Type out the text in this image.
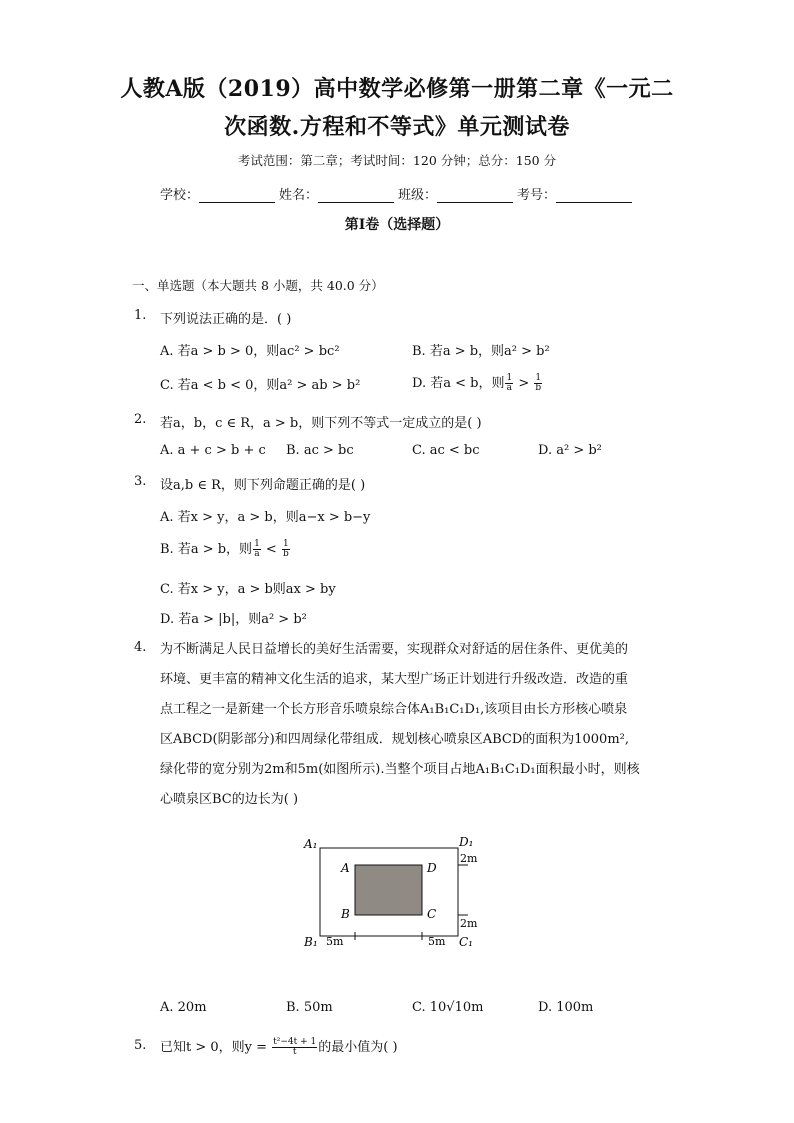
人教A版（2019）高中数学必修第一册第二章《一元二
次函数.方程和不等式》单元测试卷
考试范围：第二章；考试时间：120 分钟；总分：150 分
学校：	姓名：	班级：	考号：
第Ⅰ卷（选择题）
一、单选题（本大题共 8 小题，共 40.0 分）
1. 下列说法正确的是．( )
A. 若a > b > 0，则ac² > bc²	B. 若a > b，则a² > b²
C. 若a < b < 0，则a² > ab > b²	D. 若a < b，则 $\frac{1}{a} > \frac{1}{b}$
2. 若a，b，c ∈ R，a > b，则下列不等式一定成立的是( )
A. a + c > b + c B. ac > bc	C. ac < bc	D. a² > b²
3. 设a,b ∈ R，则下列命题正确的是( )
A. 若x > y，a > b，则a−x > b−y
B. 若a > b，则 $\frac{1}{a} < \frac{1}{b}$
C. 若x > y，a > b则ax > by
D. 若a > |b|，则a² > b²
4. 为不断满足人民日益增长的美好生活需要，实现群众对舒适的居住条件、更优美的
环境、更丰富的精神文化生活的追求，某大型广场正计划进行升级改造．改造的重
点工程之一是新建一个长方形音乐喷泉综合体A₁B₁C₁D₁,该项目由长方形核心喷泉
区ABCD(阴影部分)和四周绿化带组成．规划核心喷泉区ABCD的面积为1000m²,
绿化带的宽分别为2m和5m(如图所示).当整个项目占地A₁B₁C₁D₁面积最小时，则核
心喷泉区BC的边长为( )
A₁	D₁
B₁	C₁
A	D
B	C
2m
2m
5m	5m
A. 20m	B. 50m	C. 10√10m	D. 100m
5. 已知t > 0，则$y = \frac{\text{t²−4t + 1}}{t}$ 的最小值为( )
